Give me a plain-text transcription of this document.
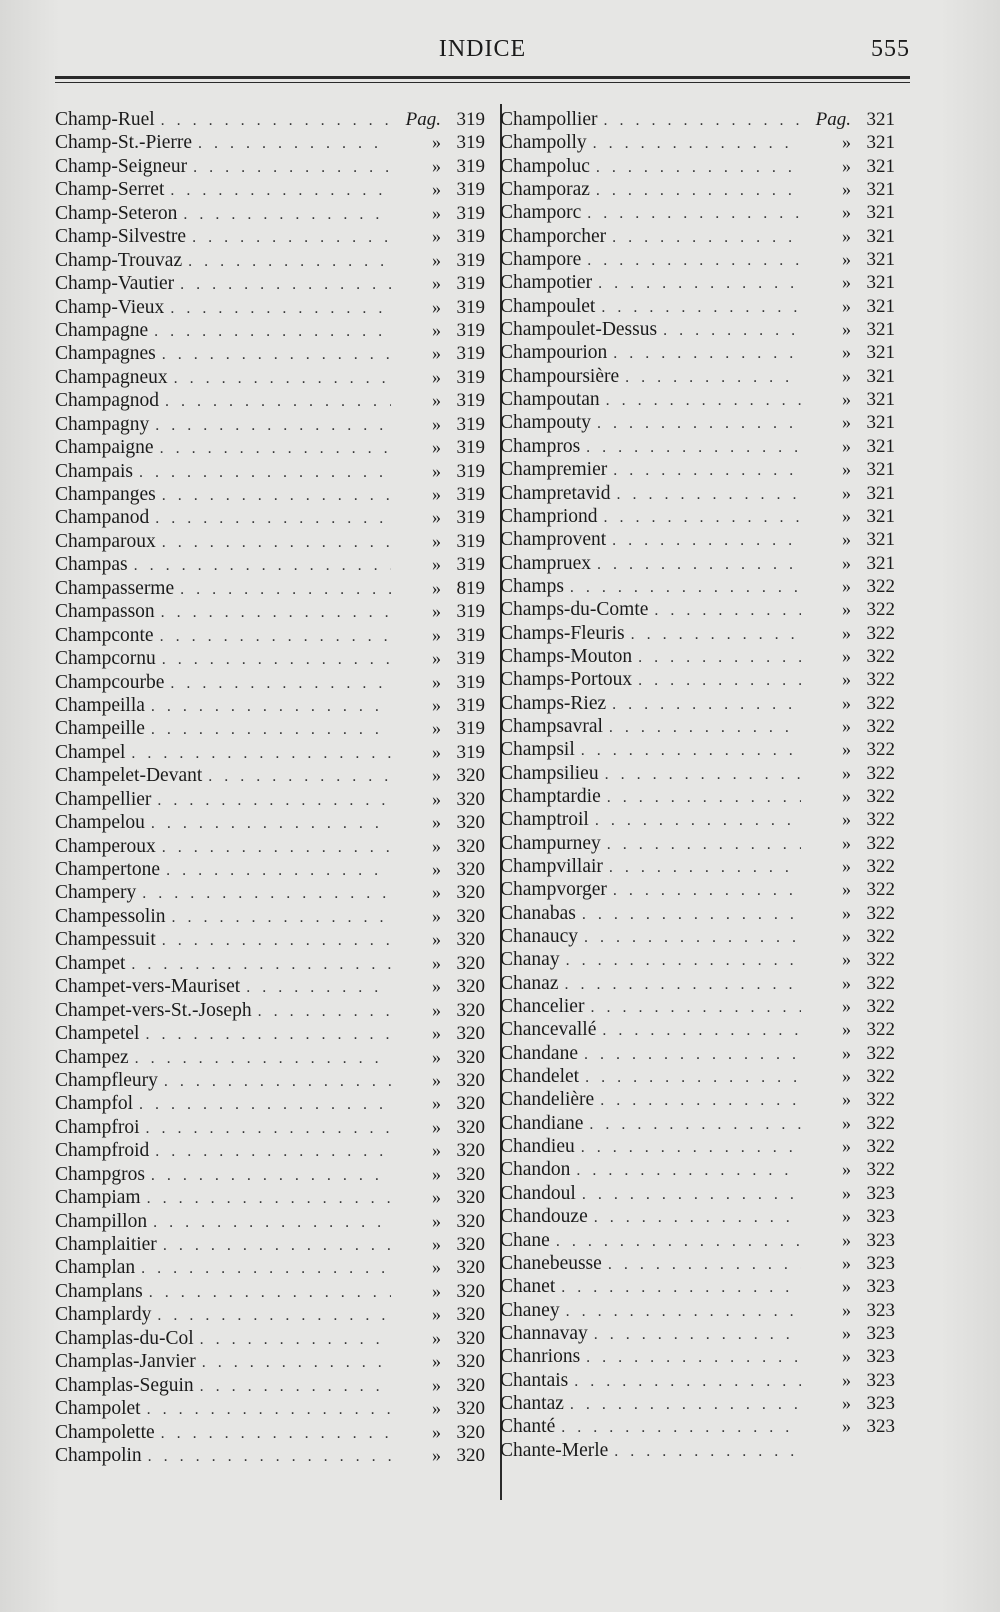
INDICE	555
Champ-Ruel . . .	Pag. 319
Champ-St.-Pierre . . .	» 319
Champ-Seigneur . . .	» 319
Champ-Serret . . .	» 319
Champ-Seteron . . .	» 319
Champ-Silvestre . . .	» 319
Champ-Trouvaz . . .	» 319
Champ-Vautier . . .	» 319
Champ-Vieux . . .	» 319
Champagne . . .	» 319
Champagnes . . .	» 319
Champagneux . . .	» 319
Champagnod . . .	» 319
Champagny . . .	» 319
Champaigne . . .	» 319
Champais . . .	» 319
Champanges . . .	» 319
Champanod . . .	» 319
Champaroux . . .	» 319
Champas . . .	» 319
Champasserme . . .	» 819
Champasson . . .	» 319
Champconte . . .	» 319
Champcornu . . .	» 319
Champcourbe . . .	» 319
Champeilla . . .	» 319
Champeille . . .	» 319
Champel . . .	» 319
Champelet-Devant . . .	» 320
Champellier . . .	» 320
Champelou . . .	» 320
Champeroux . . .	» 320
Champertone . . .	» 320
Champery . . .	» 320
Champessolin . . .	» 320
Champessuit . . .	» 320
Champet . . .	» 320
Champet-vers-Mauriset . . .	» 320
Champet-vers-St.-Joseph . . .	» 320
Champetel . . .	» 320
Champez . . .	» 320
Champfleury . . .	» 320
Champfol . . .	» 320
Champfroi . . .	» 320
Champfroid . . .	» 320
Champgros . . .	» 320
Champiam . . .	» 320
Champillon . . .	» 320
Champlaitier . . .	» 320
Champlan . . .	» 320
Champlans . . .	» 320
Champlardy . . .	» 320
Champlas-du-Col . . .	» 320
Champlas-Janvier . . .	» 320
Champlas-Seguin . . .	» 320
Champolet . . .	» 320
Champolette . . .	» 320
Champolin . . .	» 320
Champollier . . .	Pag. 321
Champolly . . .	» 321
Champoluc . . .	» 321
Champoraz . . .	» 321
Champorc . . .	» 321
Champorcher . . .	» 321
Champore . . .	» 321
Champotier . . .	» 321
Champoulet . . .	» 321
Champoulet-Dessus . . .	» 321
Champourion . . .	» 321
Champoursière . . .	» 321
Champoutan . . .	» 321
Champouty . . .	» 321
Champros . . .	» 321
Champremier . . .	» 321
Champretavid . . .	» 321
Champriond . . .	» 321
Champrovent . . .	» 321
Champruex . . .	» 321
Champs . . .	» 322
Champs-du-Comte . . .	» 322
Champs-Fleuris . . .	» 322
Champs-Mouton . . .	» 322
Champs-Portoux . . .	» 322
Champs-Riez . . .	» 322
Champsavral . . .	» 322
Champsil . . .	» 322
Champsilieu . . .	» 322
Champtardie . . .	» 322
Champtroil . . .	» 322
Champurney . . .	» 322
Champvillair . . .	» 322
Champvorger . . .	» 322
Chanabas . . .	» 322
Chanaucy . . .	» 322
Chanay . . .	» 322
Chanaz . . .	» 322
Chancelier . . .	» 322
Chancevallé . . .	» 322
Chandane . . .	» 322
Chandelet . . .	» 322
Chandelière . . .	» 322
Chandiane . . .	» 322
Chandieu . . .	» 322
Chandon . . .	» 322
Chandoul . . .	» 323
Chandouze . . .	» 323
Chane . . .	» 323
Chanebeusse . . .	» 323
Chanet . . .	» 323
Chaney . . .	» 323
Channavay . . .	» 323
Chanrions . . .	» 323
Chantais . . .	» 323
Chantaz . . .	» 323
Chanté . . .	» 323
Chante-Merle
. . .
